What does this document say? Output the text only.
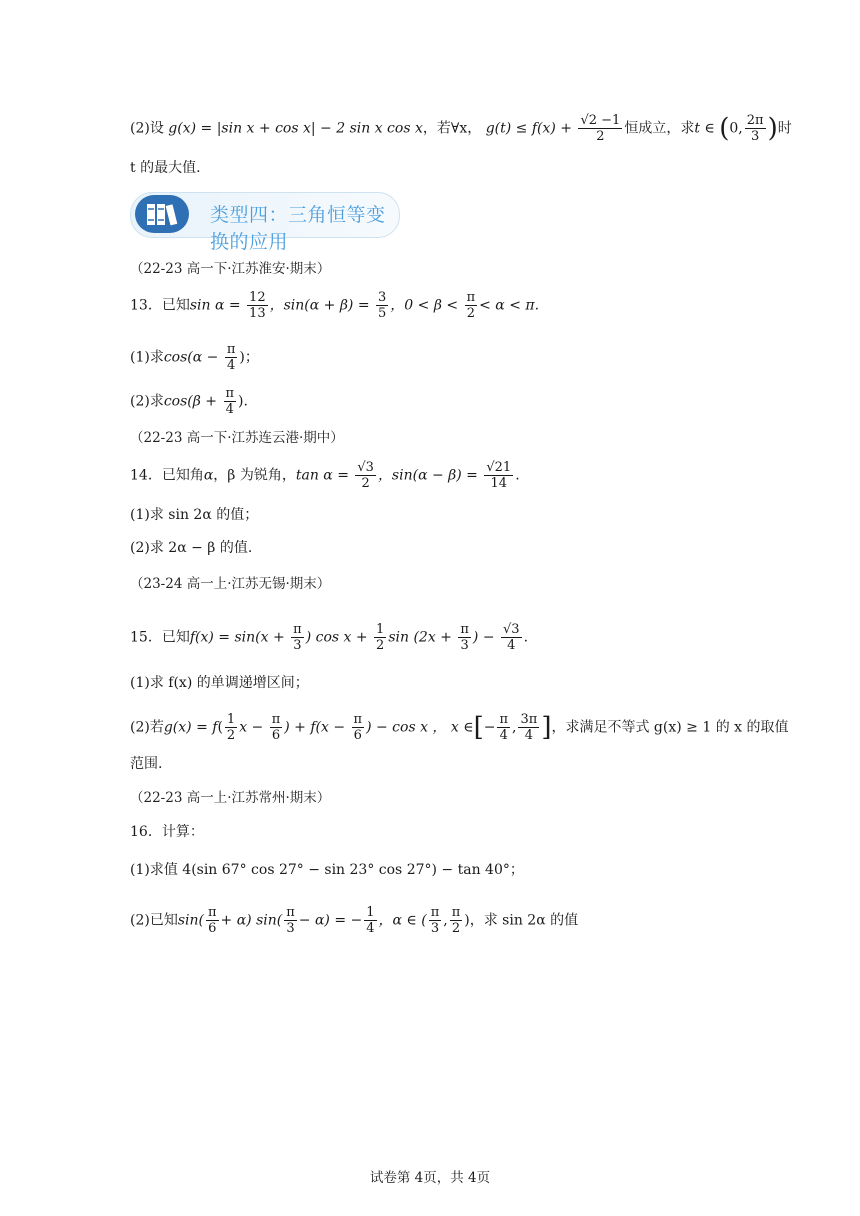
(2)设 g(x) = |sin x + cos x| − 2 sin x cos x，若∀x， $g(t) \le f(x) + \frac{√2 -1}{2}$ 恒成立，求t ∈ (0, $\frac{2\pi}{3}$ )时
t 的最大值.
类型四：三角恒等变换的应用
（22-23 高一下·江苏淮安·期末）
13．已知$\sin \alpha = \frac{12}{13}$ ，$\sin(\alpha + \beta) = \frac{3}{5}$ ，$0 < \beta < \frac{\pi}{2} < \alpha < \pi$.
(1)求$\cos(\alpha - \frac{\pi}{4}$ )；
(2)求$\cos(\beta + \frac{\pi}{4}$ ).
（22-23 高一下·江苏连云港·期中）
14．已知角α，β 为锐角，$\tan \alpha = \frac{√3}{2}$ ，$\sin(\alpha - \beta) = \frac{√21}{14}$ .
(1)求 sin 2α 的值；
(2)求 2α − β 的值.
（23-24 高一上·江苏无锡·期末）
15．已知$f(x) = \sin(x + \frac{\pi}{3}$ ) $\cos x + \frac{1}{2}$ $\sin (2x + \frac{\pi}{3}$ ) − $\frac{√3}{4}$ .
(1)求 f(x) 的单调递增区间；
(2)若$g(x) = f( \frac{1}{2}$ $x - \frac{\pi}{6}$ ) + $f(x - \frac{\pi}{6}$ ) − cos x ， x ∈[− $\frac{\pi}{4}$ , $\frac{3\pi}{4}$ ]，求满足不等式 g(x) ≥ 1 的 x 的取值
范围.
（22-23 高一上·江苏常州·期末）
16．计算：
(1)求值 4(sin 67° cos 27° − sin 23° cos 27°) − tan 40°；
(2)已知$\sin( \frac{\pi}{6} + \alpha)$ $\sin( \frac{\pi}{3} - \alpha)$ = − $\frac{1}{4}$ ，α ∈ ( $\frac{\pi}{3}$ , $\frac{\pi}{2}$ )，求 sin 2α 的值
试卷第 4页，共 4页
